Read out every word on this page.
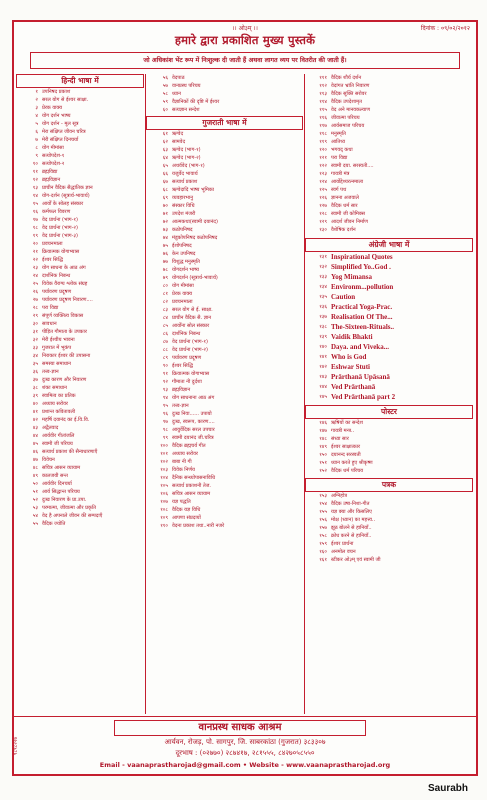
।। ओ३म् ।।	दिनांक : ०९/०२/२०१२
हमारे द्वारा प्रकाशित मुख्य पुस्तकें
जो अधिकांश भेंट रूप में निःशुल्क दी जाती हैं अथवा लागत व्यय पर वितरीत की जाती हैं।
हिन्दी भाषा में
१ उपनिषद प्रकाश
२ सरल योग से ईश्वर साक्षा.
३ प्रेरक वाक्य
४ योग दर्शन भाष्य
५ योग दर्शन - मूल सूत्र
६ मेरा संक्षिप्त जीवन चरित्र
७ मेरी संक्षिप्त दिनचर्या
८ योग मीमांसा
९ सत्योपदेश-१
१० सत्योपदेश-२
११ ब्रह्मविद्या
१२ ब्रह्मविज्ञान
१३ प्राचीन वैदिक सैद्धांतिक ज्ञान
१४ योग-दर्शन (सूत्रार्थ-भावार्थ)
१५ आर्यों के सोलह संस्कार
१६ कर्मफल विवरण
१७ वेद प्रार्थना (भाग-१)
१८ वेद प्रार्थना (भाग-२)
१९ वेद प्रार्थना (भाग-३)
२० प्रवचनमाला
२१ क्रियात्मक योगाभ्यास
२२ ईश्वर सिद्धि
२३ योग साधना के आठ अंग
२४ दार्शनिक निबन्ध
२५ विवेक वैराग्य श्लोक संग्रह
२६ पर्यावरण प्रदूषण
२७ पर्यावरण प्रदूषण निवारण....
२८ परा विद्या
२९ संपूर्ण व्यक्तित्व विकास
३० सावधान
३१ पीड़ित गौमाता के उपकार
३२ मेरी ईश्वीय भावना
३३ गुजरात में भूकंप
३४ निराकार ईश्वर की उपासना
३५ समस्या समाधान
३६ तत्त्व-ज्ञान
३७ दुःख कारण और निवारण
३८ शंका समाधान
३९ स्वामित्व का प्रतिक
४० अध्याय सरोवर
४१ प्रशान्त कवितावली
४२ महर्षि दयानंद का ई.वि.वि.
४३ अद्वैतवाद
४४ आर्यवीर गीतांजलि
४५ स्वामी जी परिचय
४६ सत्यार्थ प्रकाश की सैन्यधारणाएँ
४७ विवेचन
४८ सचित्र आसन व्यायाम
४९ कालजयी सन्त
५० आर्यवीर दिनचर्या
५१ आर्य सिद्धान्त परिचय
५२ दुःख निवारण के प्रा.उपा.
५३ परमात्मा, जीवात्मा और प्रकृति
५४ वेद है अपनाले जीवन की सम्पदाएँ
५५ वैदिक ज्योति
५६ वेदपाठ
५७ वानप्रस्थ परिचय
५८ ध्यान
५९ वैज्ञानिकों की दृष्टि में ईश्वर
६० सत्यज्ञान सन्देश
गुजराती भाषा में
६१ ऋग्वेद
६२ सामवेद
६३ ऋग्वेद (भाग-१)
६४ ऋग्वेद (भाग-२)
६५ अथर्ववेद (भाग-१)
६६ यजुर्वेद भावार्थ
६७ सत्यार्थ प्रकाश
६८ ऋग्वेदादि भाष्य भूमिका
६९ व्यवहारभानु
७० संस्कार विधि
७१ उपदेश मंजरी
७२ आत्मकथा(स्वामी दयानंद)
७३ कठोपनिषद
७४ मंडूकोपनिषद कठोपनिषद
७५ ईशोपनिषद
७६ केन उपनिषद
७७ विशुद्ध मनुस्मृति
७८ योगदर्शन भाष्य
७९ योगदर्शन (सूत्रार्थ-भावार्थ)
८० योग मीमांसा
८१ प्रेरक वाक्य
८२ प्रवचनमाला
८३ सरल योग से ई. साक्षा.
८४ प्राचीन वैदिक सै. ज्ञान
८५ आर्योंना सोल संस्कार
८६ दार्शनिक निबन्ध
८७ वेद प्रार्थना (भाग-१)
८८ वेद प्रार्थना (भाग-२)
८९ पर्यावरण प्रदूषण
९० ईश्वर सिद्धि
९१ क्रियात्मक योगाभ्यास
९२ गौमाता नी दुर्दशा
९३ ब्रह्मविज्ञान
९४ योग साधनाना आठ अंग
९५ तत्त्व-ज्ञान
९६ दुःख निवा...... उपायो
९७ दुःख, स्वरूप, कारण....
९८ आयुर्वेदिक सरल उपचार
९९ स्वामी दयानंद जी.चरित्र
१०० वैदिक ब्रह्मचर्य गीत
१०१ अध्याय सरोवर
१०२ बाबा नी गी
१०३ विवेक निर्णय
१०४ दैनिक सन्ध्योपासनाविधि
१०५ सत्यार्थ प्रकाशनी तेज.
१०६ सचित्र आसन व्यायाम
१०७ यज्ञ पद्धति
१०८ वैदिक यज्ञ विधि
१०९ आपणा संप्रदायों
११० वेदना प्रकाश तथा..नारी नजरे
१११ वैदिक शौर्य दर्शन
११२ वेदांगत भ्रांति निवारण
११३ वैदिक सूक्ति सरोवर
११४ वैदिक उपदेशामृत
११५ वेद अने मानवकल्याण
११६ जीवात्मा परिचय
११७ आर्यसमाज परिचय
११८ मनुस्मृति
११९ आतिथ्य
१२० भगवद् कथा
१२१ परा विद्या
१२२ स्वामी दया. सरस्वती....
१२३ गायत्री मंत्र
१२४ आर्योद्देश्यरत्नमाला
१२५ स्वर्ग पथ
१२६ ज्ञानना अजवाले
१२७ वैदिक धर्म सार
१२८ स्वामी जी कोमिक्स
१२९ आदर्श जीवन निर्माण
१३० वैशेषिक दर्शन
अंग्रेजी भाषा में
१३१ Inspirational Quotes
१३२ Simplified Yo..God .
१३३ Yog Mimansa
१३४ Environm...pollution
१३५ Caution
१३६ Practical Yoga-Prac.
१३७ Realisation Of The...
१३८ The-Sixteen-Rituals..
१३९ Vaidik Bhakti
१४० Daya. and Viveka...
१४१ Who is God
१४२ Eshwar Stuti
१४३ Prārthanā Upāsanā
१४४ Ved Prārthanā
१४५ Ved Prārthanā part 2
पोस्टर
१४६ ऋषियों का सन्देश
१४७ गायत्री मन्त्र..
१४८ संध्या सार
१४९ ईश्वर साक्षात्कार
१५० दयानन्द सरस्वती
१५१ ध्यान करते हुए श्रीकृष्ण
१५२ वैदिक धर्म परिचय
पत्रक
१५३ अग्निहोत्र
१५४ वैदिक उषा-निशा-गीत
१५५ यज्ञ क्या और किसलिए
१५६ मोक्ष (ध्यान) का महत्त्व..
१५७ झूठ बोलने से हानियाँ..
१५८ क्रोध करने से हानियाँ..
१५९ ईश्वर प्रार्थना
१६० अनमोल वचन
१६१ स्टीकर ओ३म् एवं स्वामी जी
९८९८२२७
वानप्रस्थ साधक आश्रम
आर्यवन, रोजड़, पो. सागपुर, जि. साबरकांठा (गुजरात) ३८३३०७
दूरभाष : (०२७७०) २८७४१७, २८१५५५, ८४२७०५८५५०
Email - vaanaprastharojad@gmail.com • Website - www.vaanaprastharojad.org
Saurabh
